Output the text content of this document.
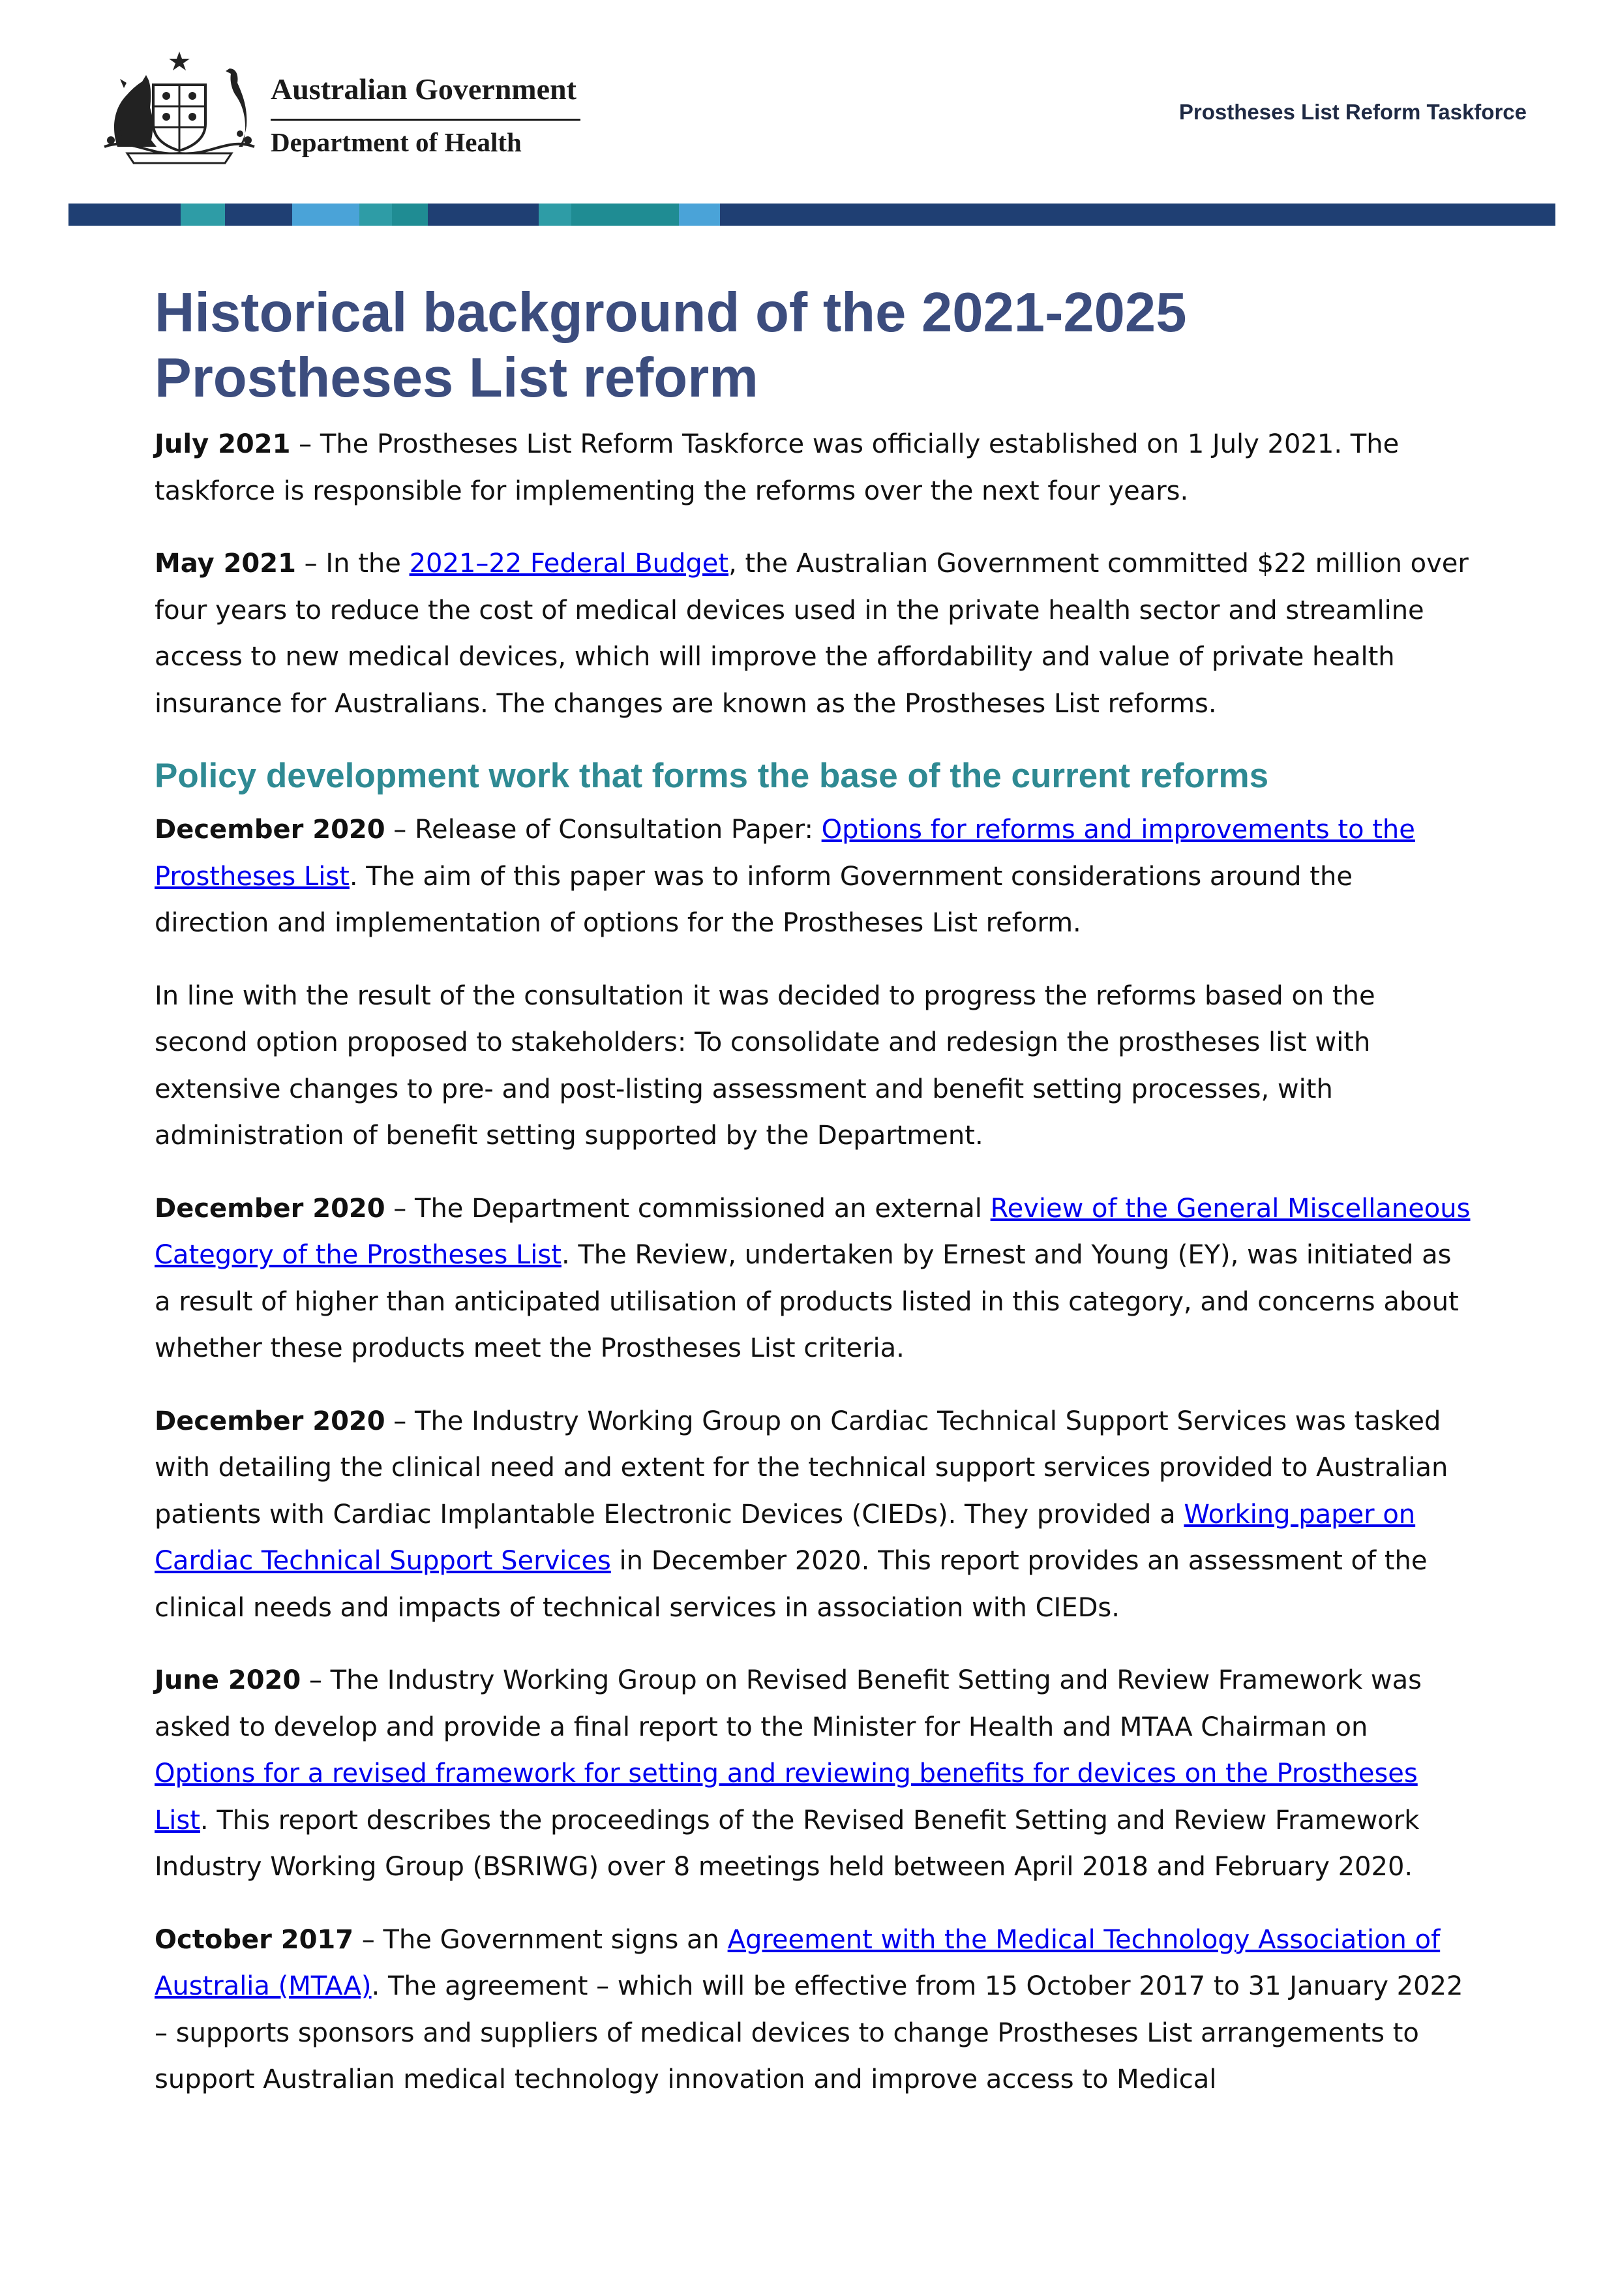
Australian Government
Department of Health
Prostheses List Reform Taskforce
Historical background of the 2021-2025 Prostheses List reform

July 2021 – The Prostheses List Reform Taskforce was officially established on 1 July 2021. The taskforce is responsible for implementing the reforms over the next four years.

May 2021 – In the 2021–22 Federal Budget, the Australian Government committed $22 million over four years to reduce the cost of medical devices used in the private health sector and streamline access to new medical devices, which will improve the affordability and value of private health insurance for Australians. The changes are known as the Prostheses List reforms.

Policy development work that forms the base of the current reforms

December 2020 – Release of Consultation Paper: Options for reforms and improvements to the Prostheses List. The aim of this paper was to inform Government considerations around the direction and implementation of options for the Prostheses List reform.

In line with the result of the consultation it was decided to progress the reforms based on the second option proposed to stakeholders: To consolidate and redesign the prostheses list with extensive changes to pre- and post-listing assessment and benefit setting processes, with administration of benefit setting supported by the Department.

December 2020 – The Department commissioned an external Review of the General Miscellaneous Category of the Prostheses List. The Review, undertaken by Ernest and Young (EY), was initiated as a result of higher than anticipated utilisation of products listed in this category, and concerns about whether these products meet the Prostheses List criteria.

December 2020 – The Industry Working Group on Cardiac Technical Support Services was tasked with detailing the clinical need and extent for the technical support services provided to Australian patients with Cardiac Implantable Electronic Devices (CIEDs). They provided a Working paper on Cardiac Technical Support Services in December 2020. This report provides an assessment of the clinical needs and impacts of technical services in association with CIEDs.

June 2020 – The Industry Working Group on Revised Benefit Setting and Review Framework was asked to develop and provide a final report to the Minister for Health and MTAA Chairman on Options for a revised framework for setting and reviewing benefits for devices on the Prostheses List. This report describes the proceedings of the Revised Benefit Setting and Review Framework Industry Working Group (BSRIWG) over 8 meetings held between April 2018 and February 2020.

October 2017 – The Government signs an Agreement with the Medical Technology Association of Australia (MTAA). The agreement – which will be effective from 15 October 2017 to 31 January 2022 – supports sponsors and suppliers of medical devices to change Prostheses List arrangements to support Australian medical technology innovation and improve access to Medical
